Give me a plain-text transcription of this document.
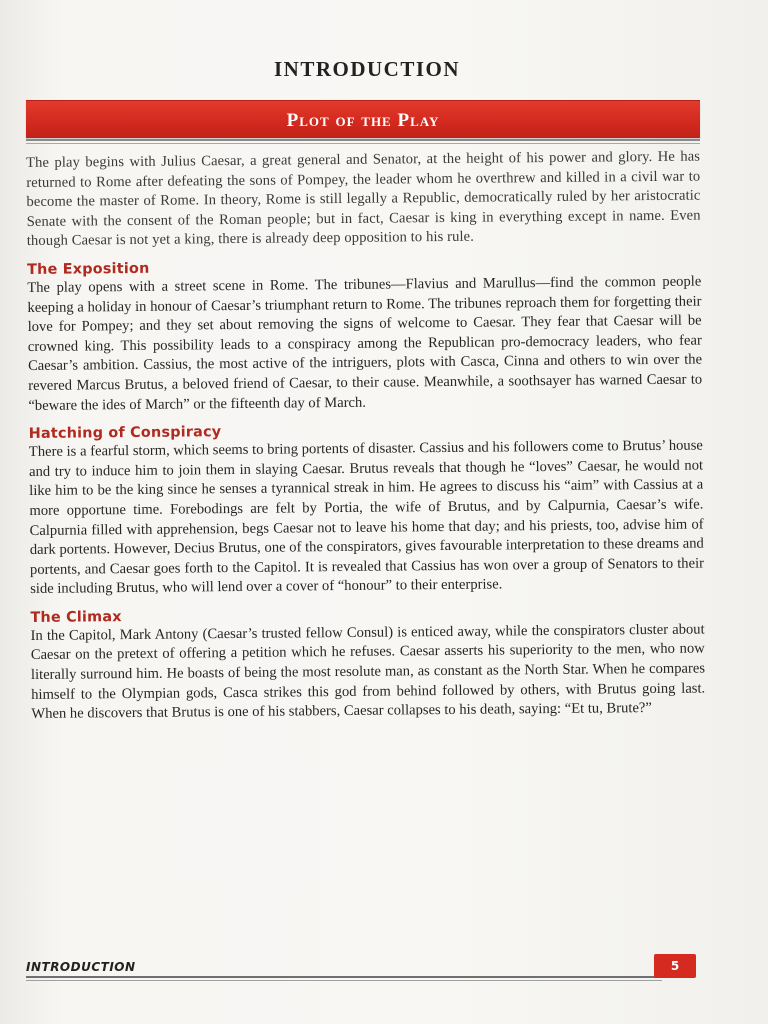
INTRODUCTION
Plot of the Play

The play begins with Julius Caesar, a great general and Senator, at the height of his power and glory. He has returned to Rome after defeating the sons of Pompey, the leader whom he overthrew and killed in a civil war to become the master of Rome. In theory, Rome is still legally a Republic, democratically ruled by her aristocratic Senate with the consent of the Roman people; but in fact, Caesar is king in everything except in name. Even though Caesar is not yet a king, there is already deep opposition to his rule.

The Exposition

The play opens with a street scene in Rome. The tribunes—Flavius and Marullus—find the common people keeping a holiday in honour of Caesar’s triumphant return to Rome. The tribunes reproach them for forgetting their love for Pompey; and they set about removing the signs of welcome to Caesar. They fear that Caesar will be crowned king. This possibility leads to a conspiracy among the Republican pro-democracy leaders, who fear Caesar’s ambition. Cassius, the most active of the intriguers, plots with Casca, Cinna and others to win over the revered Marcus Brutus, a beloved friend of Caesar, to their cause. Meanwhile, a soothsayer has warned Caesar to “beware the ides of March” or the fifteenth day of March.

Hatching of Conspiracy

There is a fearful storm, which seems to bring portents of disaster. Cassius and his followers come to Brutus’ house and try to induce him to join them in slaying Caesar. Brutus reveals that though he “loves” Caesar, he would not like him to be the king since he senses a tyrannical streak in him. He agrees to discuss his “aim” with Cassius at a more opportune time. Forebodings are felt by Portia, the wife of Brutus, and by Calpurnia, Caesar’s wife. Calpurnia filled with apprehension, begs Caesar not to leave his home that day; and his priests, too, advise him of dark portents. However, Decius Brutus, one of the conspirators, gives favourable interpretation to these dreams and portents, and Caesar goes forth to the Capitol. It is revealed that Cassius has won over a group of Senators to their side including Brutus, who will lend over a cover of “honour” to their enterprise.

The Climax

In the Capitol, Mark Antony (Caesar’s trusted fellow Consul) is enticed away, while the conspirators cluster about Caesar on the pretext of offering a petition which he refuses. Caesar asserts his superiority to the men, who now literally surround him. He boasts of being the most resolute man, as constant as the North Star. When he compares himself to the Olympian gods, Casca strikes this god from behind followed by others, with Brutus going last. When he discovers that Brutus is one of his stabbers, Caesar collapses to his death, saying: “Et tu, Brute?”

INTRODUCTION	5
